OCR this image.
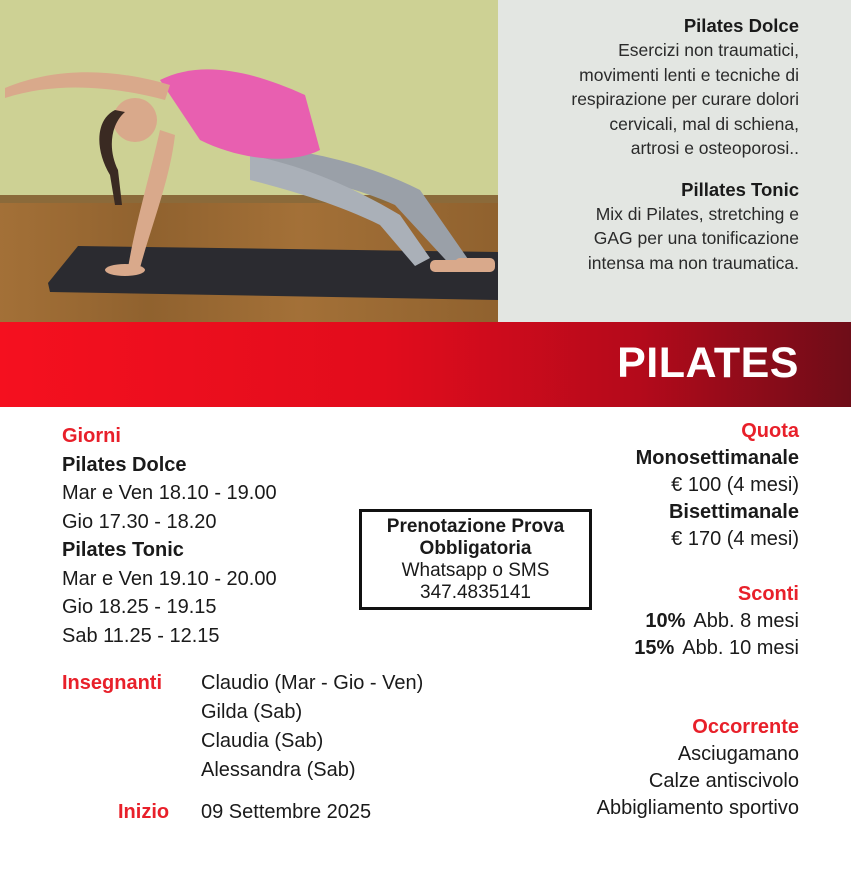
Pilates Dolce

Esercizi non traumatici,

movimenti lenti e tecniche di

respirazione per curare dolori

cervicali, mal di schiena,

artrosi e osteoporosi..

Pillates Tonic

Mix di Pilates, stretching e

GAG per una tonificazione

intensa ma non traumatica.

PILATES
Giorni
Pilates Dolce
Mar e Ven 18.10 - 19.00
Gio 17.30 - 18.20
Pilates Tonic
Mar e Ven 19.10 - 20.00
Gio 18.25 - 19.15
Sab 11.25 - 12.15
Insegnanti	Claudio (Mar - Gio - Ven)
Gilda (Sab)
Claudia (Sab)
Alessandra (Sab)
Inizio	09 Settembre 2025
Prenotazione Prova
Obbligatoria
Whatsapp o SMS
347.4835141
Quota
Monosettimanale
€ 100 (4 mesi)
Bisettimanale
€ 170 (4 mesi)
Sconti
10% Abb. 8 mesi
15% Abb. 10 mesi
Occorrente
Asciugamano
Calze antiscivolo
Abbigliamento sportivo
